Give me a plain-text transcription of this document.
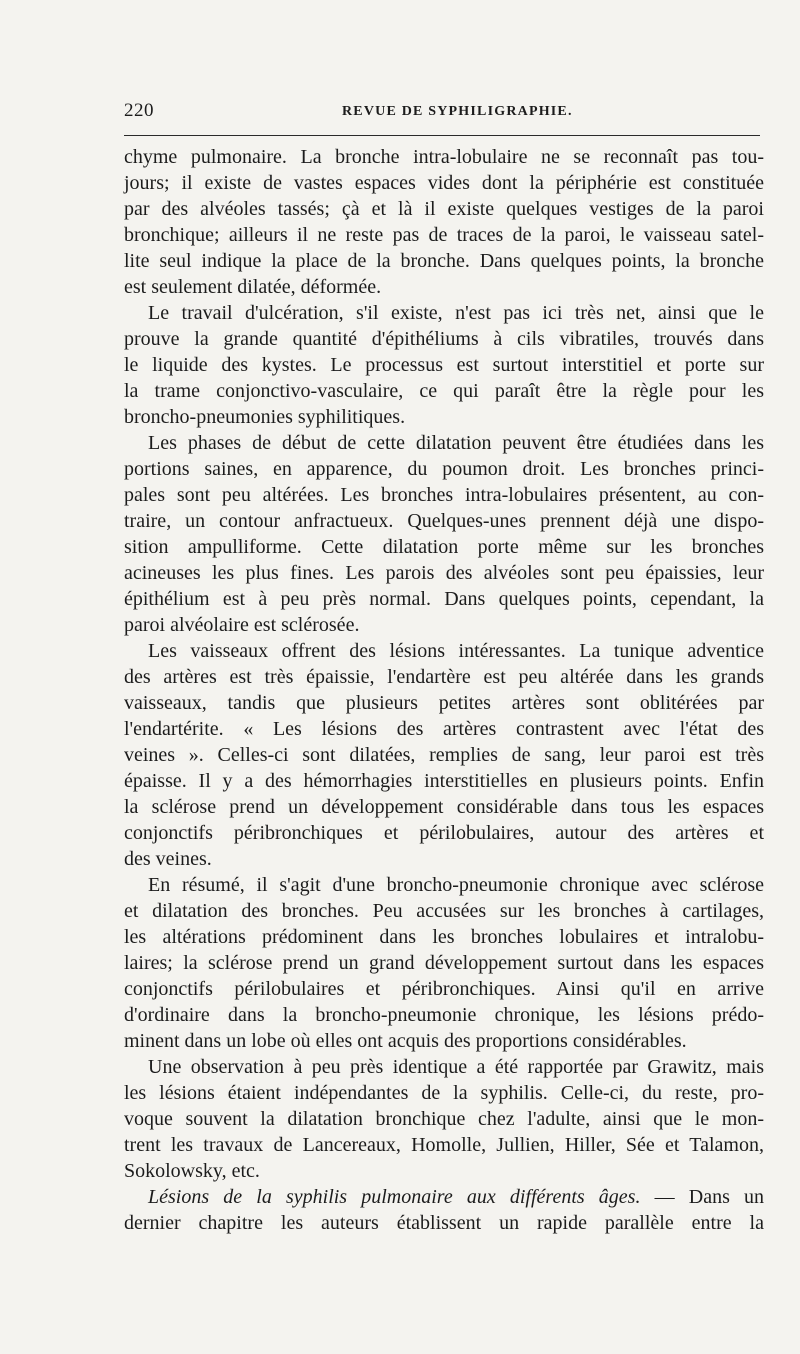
220	REVUE DE SYPHILIGRAPHIE.
chyme pulmonaire. La bronche intra-lobulaire ne se reconnaît pas tou-
jours; il existe de vastes espaces vides dont la périphérie est constituée
par des alvéoles tassés; çà et là il existe quelques vestiges de la paroi
bronchique; ailleurs il ne reste pas de traces de la paroi, le vaisseau satel-
lite seul indique la place de la bronche. Dans quelques points, la bronche
est seulement dilatée, déformée.
Le travail d'ulcération, s'il existe, n'est pas ici très net, ainsi que le
prouve la grande quantité d'épithéliums à cils vibratiles, trouvés dans
le liquide des kystes. Le processus est surtout interstitiel et porte sur
la trame conjonctivo-vasculaire, ce qui paraît être la règle pour les
broncho-pneumonies syphilitiques.
Les phases de début de cette dilatation peuvent être étudiées dans les
portions saines, en apparence, du poumon droit. Les bronches princi-
pales sont peu altérées. Les bronches intra-lobulaires présentent, au con-
traire, un contour anfractueux. Quelques-unes prennent déjà une dispo-
sition ampulliforme. Cette dilatation porte même sur les bronches
acineuses les plus fines. Les parois des alvéoles sont peu épaissies, leur
épithélium est à peu près normal. Dans quelques points, cependant, la
paroi alvéolaire est sclérosée.
Les vaisseaux offrent des lésions intéressantes. La tunique adventice
des artères est très épaissie, l'endartère est peu altérée dans les grands
vaisseaux, tandis que plusieurs petites artères sont oblitérées par
l'endartérite. « Les lésions des artères contrastent avec l'état des
veines ». Celles-ci sont dilatées, remplies de sang, leur paroi est très
épaisse. Il y a des hémorrhagies interstitielles en plusieurs points. Enfin
la sclérose prend un développement considérable dans tous les espaces
conjonctifs péribronchiques et périlobulaires, autour des artères et
des veines.
En résumé, il s'agit d'une broncho-pneumonie chronique avec sclérose
et dilatation des bronches. Peu accusées sur les bronches à cartilages,
les altérations prédominent dans les bronches lobulaires et intralobu-
laires; la sclérose prend un grand développement surtout dans les espaces
conjonctifs périlobulaires et péribronchiques. Ainsi qu'il en arrive
d'ordinaire dans la broncho-pneumonie chronique, les lésions prédo-
minent dans un lobe où elles ont acquis des proportions considérables.
Une observation à peu près identique a été rapportée par Grawitz, mais
les lésions étaient indépendantes de la syphilis. Celle-ci, du reste, pro-
voque souvent la dilatation bronchique chez l'adulte, ainsi que le mon-
trent les travaux de Lancereaux, Homolle, Jullien, Hiller, Sée et Talamon,
Sokolowsky, etc.
Lésions de la syphilis pulmonaire aux différents âges. — Dans un
dernier chapitre les auteurs établissent un rapide parallèle entre la
